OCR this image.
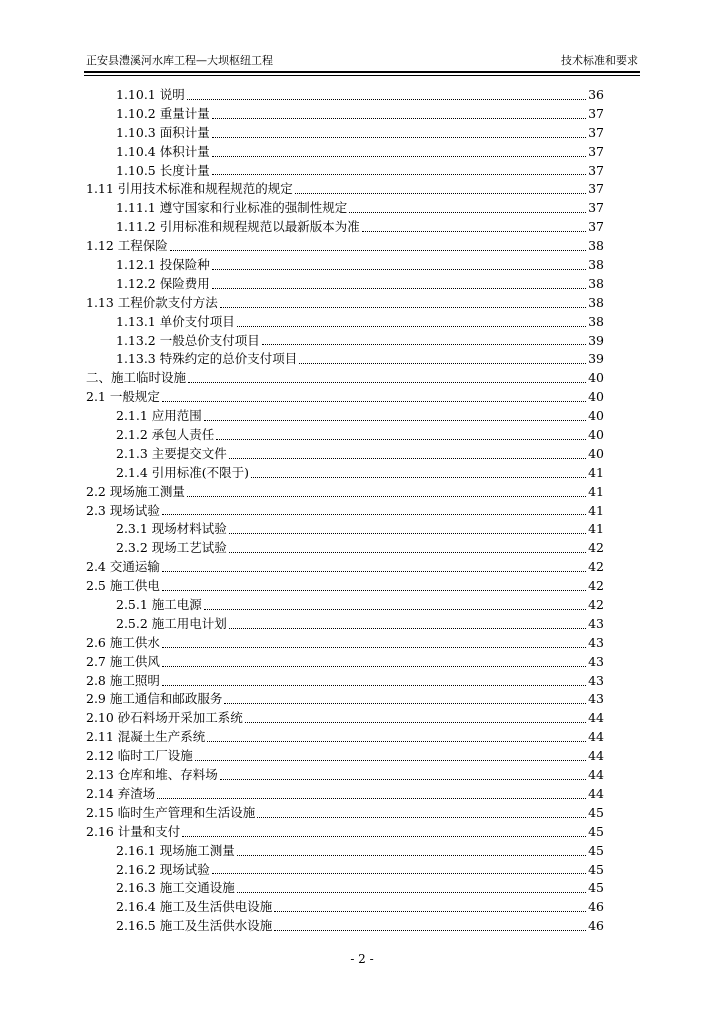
正安县澧溪河水库工程—大坝枢纽工程	技术标准和要求
1.10.1 说明	36
1.10.2 重量计量	37
1.10.3 面积计量	37
1.10.4 体积计量	37
1.10.5 长度计量	37
1.11 引用技术标准和规程规范的规定	37
1.11.1 遵守国家和行业标准的强制性规定	37
1.11.2 引用标准和规程规范以最新版本为准	37
1.12 工程保险	38
1.12.1 投保险种	38
1.12.2 保险费用	38
1.13 工程价款支付方法	38
1.13.1 单价支付项目	38
1.13.2 一般总价支付项目	39
1.13.3 特殊约定的总价支付项目	39
二、施工临时设施	40
2.1 一般规定	40
2.1.1 应用范围	40
2.1.2 承包人责任	40
2.1.3 主要提交文件	40
2.1.4 引用标准(不限于)	41
2.2 现场施工测量	41
2.3 现场试验	41
2.3.1 现场材料试验	41
2.3.2 现场工艺试验	42
2.4 交通运输	42
2.5 施工供电	42
2.5.1 施工电源	42
2.5.2 施工用电计划	43
2.6 施工供水	43
2.7 施工供风	43
2.8 施工照明	43
2.9 施工通信和邮政服务	43
2.10 砂石料场开采加工系统	44
2.11 混凝土生产系统	44
2.12 临时工厂设施	44
2.13 仓库和堆、存料场	44
2.14 弃渣场	44
2.15 临时生产管理和生活设施	45
2.16 计量和支付	45
2.16.1 现场施工测量	45
2.16.2 现场试验	45
2.16.3 施工交通设施	45
2.16.4 施工及生活供电设施	46
2.16.5 施工及生活供水设施	46
- 2 -
